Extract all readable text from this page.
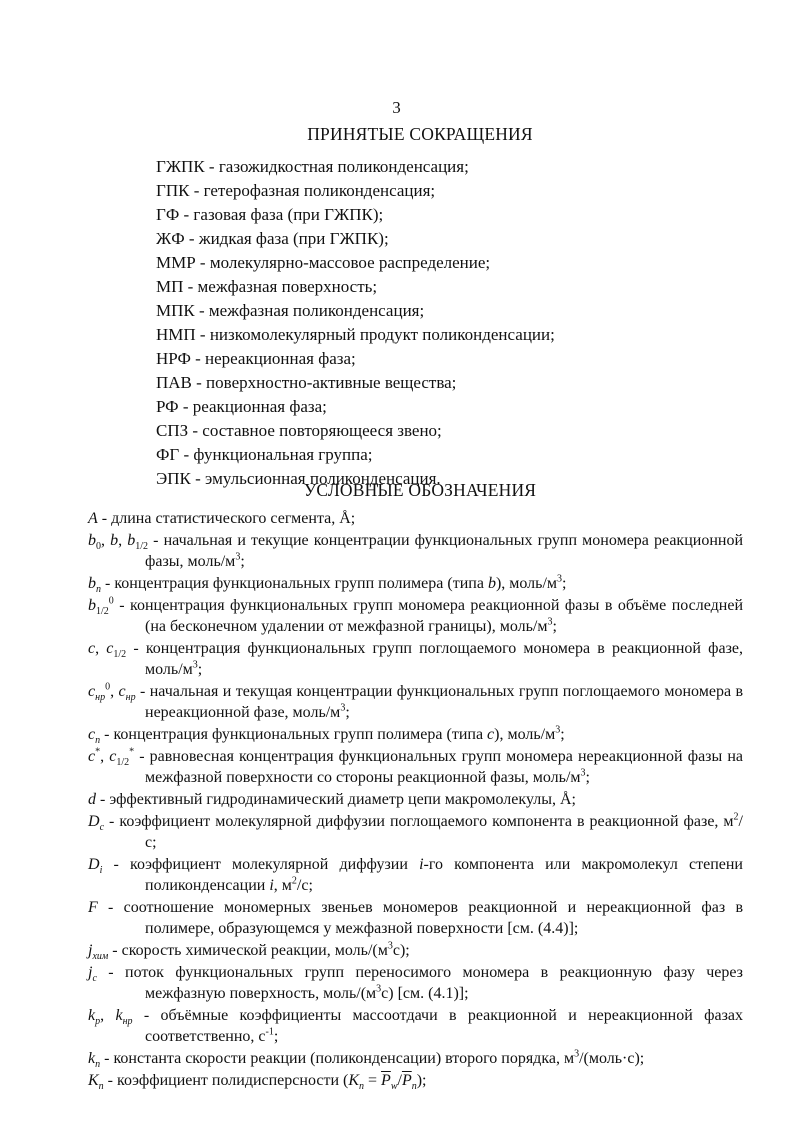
3
ПРИНЯТЫЕ СОКРАЩЕНИЯ
ГЖПК - газожидкостная поликонденсация;
ГПК - гетерофазная поликонденсация;
ГФ - газовая фаза (при ГЖПК);
ЖФ - жидкая фаза (при ГЖПК);
ММР - молекулярно-массовое распределение;
МП - межфазная поверхность;
МПК - межфазная поликонденсация;
НМП - низкомолекулярный продукт поликонденсации;
НРФ - нереакционная фаза;
ПАВ - поверхностно-активные вещества;
РФ - реакционная фаза;
СПЗ - составное повторяющееся звено;
ФГ - функциональная группа;
ЭПК - эмульсионная поликонденсация.
УСЛОВНЫЕ ОБОЗНАЧЕНИЯ
A - длина статистического сегмента, Å;
$b_0$, b, $b_{1/2}$ - начальная и текущие концентрации функциональных групп мономера реакционной фазы, моль/$м^3$;
$b_n$ - концентрация функциональных групп полимера (типа b), моль/$м^3$;
$b_{1/2}^0$ - концентрация функциональных групп мономера реакционной фазы в объёме последней (на бесконечном удалении от межфазной границы), моль/$м^3$;
c, $c_{1/2}$ - концентрация функциональных групп поглощаемого мономера в реакционной фазе, моль/$м^3$;
$c_{нр}^0$, $c_{нр}$ - начальная и текущая концентрации функциональных групп поглощаемого мономера в нереакционной фазе, моль/$м^3$;
$c_n$ - концентрация функциональных групп полимера (типа c), моль/$м^3$;
c*, $c_{1/2}^*$ - равновесная концентрация функциональных групп мономера нереакционной фазы на межфазной поверхности со стороны реакционной фазы, моль/$м^3$;
d - эффективный гидродинамический диаметр цепи макромолекулы, Å;
$D_c$ - коэффициент молекулярной диффузии поглощаемого компонента в реакционной фазе, $м^2/с$;
$D_i$ - коэффициент молекулярной диффузии i-го компонента или макромолекул степени поликонденсации i, $м^2/с$;
F - соотношение мономерных звеньев мономеров реакционной и нереакционной фаз в полимере, образующемся у межфазной поверхности [см. (4.4)];
$j_{хим}$ - скорость химической реакции, моль/$(м^3с)$;
$j_c$ - поток функциональных групп переносимого мономера в реакционную фазу через межфазную поверхность, моль/$(м^3с)$ [см. (4.1)];
$k_р$, $k_{нр}$ - объёмные коэффициенты массоотдачи в реакционной и нереакционной фазах соответственно, $с^{-1}$;
$k_n$ - константа скорости реакции (поликонденсации) второго порядка, $м^3/(моль\cdot с)$;
$K_n$ - коэффициент полидисперсности $(K_n = \overline{P}_w/\overline{P}_n)$;
